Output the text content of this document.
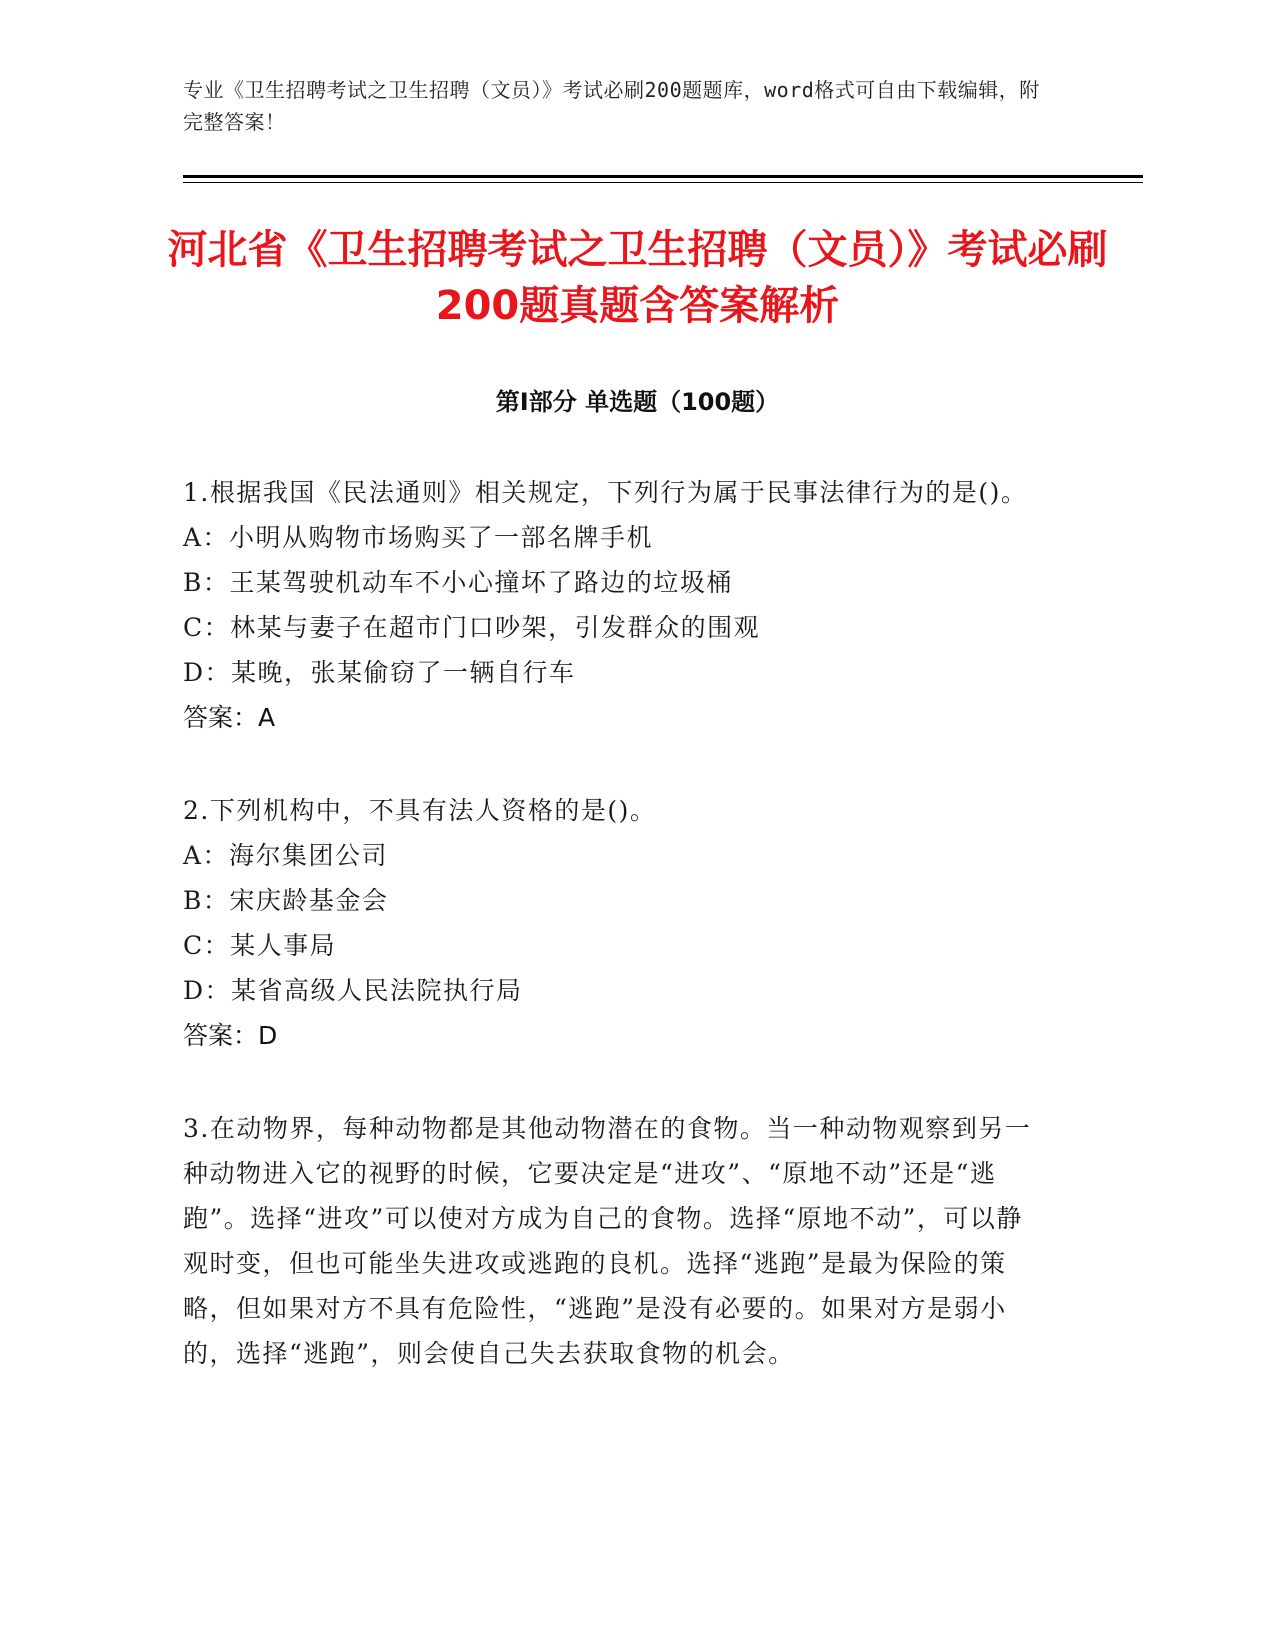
专业《卫生招聘考试之卫生招聘（文员）》考试必刷200题题库，word格式可自由下载编辑，附完整答案！
河北省《卫生招聘考试之卫生招聘（文员）》考试必刷200题真题含答案解析
第Ⅰ部分 单选题（100题）
1.根据我国《民法通则》相关规定，下列行为属于民事法律行为的是()。
A：小明从购物市场购买了一部名牌手机
B：王某驾驶机动车不小心撞坏了路边的垃圾桶
C：林某与妻子在超市门口吵架，引发群众的围观
D：某晚，张某偷窃了一辆自行车
答案：A
2.下列机构中，不具有法人资格的是()。
A：海尔集团公司
B：宋庆龄基金会
C：某人事局
D：某省高级人民法院执行局
答案：D
3.在动物界，每种动物都是其他动物潜在的食物。当一种动物观察到另一种动物进入它的视野的时候，它要决定是“进攻”、“原地不动”还是“逃跑”。选择“进攻”可以使对方成为自己的食物。选择“原地不动”，可以静观时变，但也可能坐失进攻或逃跑的良机。选择“逃跑”是最为保险的策略，但如果对方不具有危险性，“逃跑”是没有必要的。如果对方是弱小的，选择“逃跑”，则会使自己失去获取食物的机会。
